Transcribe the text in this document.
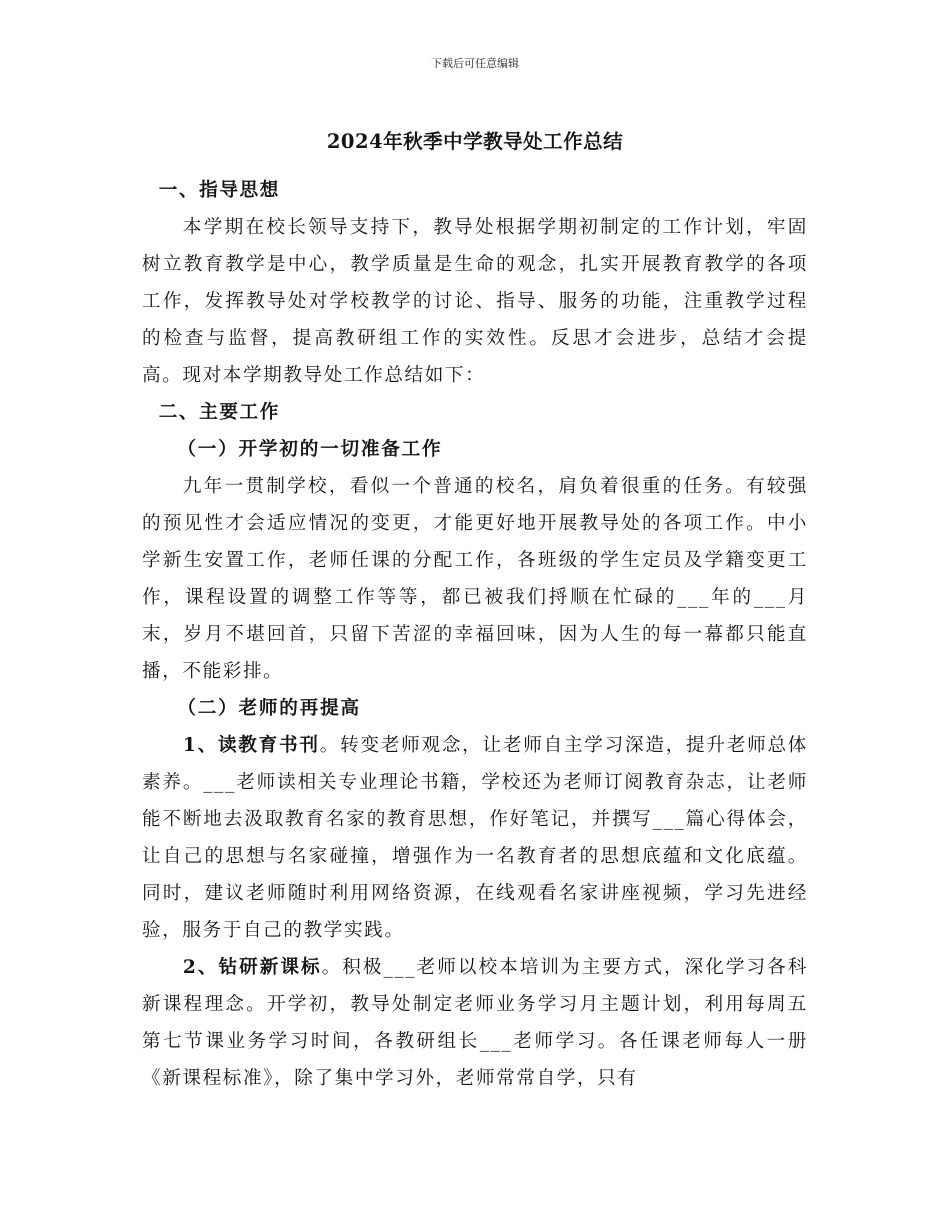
下载后可任意编辑
2024年秋季中学教导处工作总结

一、指导思想

本学期在校长领导支持下，教导处根据学期初制定的工作计划，牢固树立教育教学是中心，教学质量是生命的观念，扎实开展教育教学的各项工作，发挥教导处对学校教学的讨论、指导、服务的功能，注重教学过程的检查与监督，提高教研组工作的实效性。反思才会进步，总结才会提高。现对本学期教导处工作总结如下：

二、主要工作

（一）开学初的一切准备工作

九年一贯制学校，看似一个普通的校名，肩负着很重的任务。有较强的预见性才会适应情况的变更，才能更好地开展教导处的各项工作。中小学新生安置工作，老师任课的分配工作，各班级的学生定员及学籍变更工作，课程设置的调整工作等等，都已被我们捋顺在忙碌的___年的___月末，岁月不堪回首，只留下苦涩的幸福回味，因为人生的每一幕都只能直播，不能彩排。

（二）老师的再提高

1、读教育书刊。转变老师观念，让老师自主学习深造，提升老师总体素养。___老师读相关专业理论书籍，学校还为老师订阅教育杂志，让老师能不断地去汲取教育名家的教育思想，作好笔记，并撰写___篇心得体会，让自己的思想与名家碰撞，增强作为一名教育者的思想底蕴和文化底蕴。同时，建议老师随时利用网络资源，在线观看名家讲座视频，学习先进经验，服务于自己的教学实践。

2、钻研新课标。积极___老师以校本培训为主要方式，深化学习各科新课程理念。开学初，教导处制定老师业务学习月主题计划，利用每周五第七节课业务学习时间，各教研组长___老师学习。各任课老师每人一册《新课程标准》，除了集中学习外，老师常常自学，只有
